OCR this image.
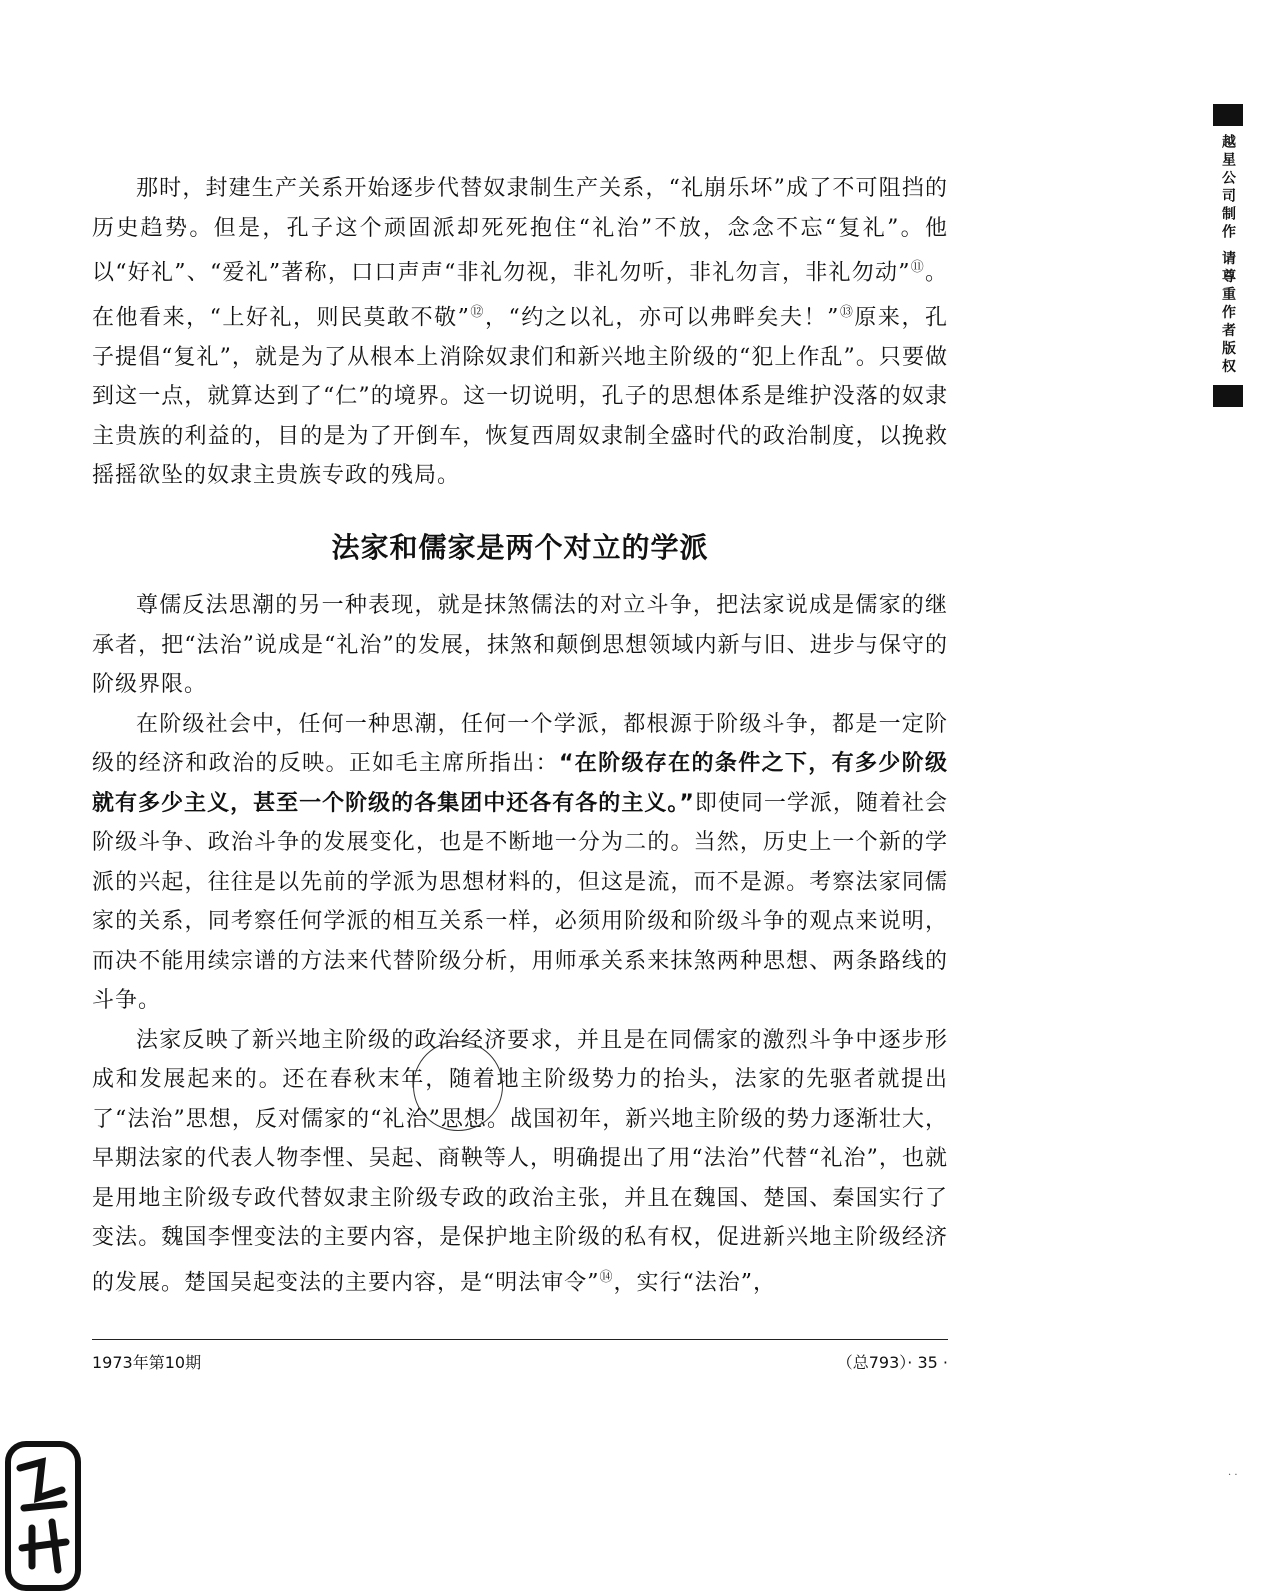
越星公司制作 请尊重作者版权

那时，封建生产关系开始逐步代替奴隶制生产关系，“礼崩乐坏”成了不可阻挡的历史趋势。但是，孔子这个顽固派却死死抱住“礼治”不放，念念不忘“复礼”。他以“好礼”、“爱礼”著称，口口声声“非礼勿视，非礼勿听，非礼勿言，非礼勿动”⑪。在他看来，“上好礼，则民莫敢不敬”⑫，“约之以礼，亦可以弗畔矣夫！”⑬原来，孔子提倡“复礼”，就是为了从根本上消除奴隶们和新兴地主阶级的“犯上作乱”。只要做到这一点，就算达到了“仁”的境界。这一切说明，孔子的思想体系是维护没落的奴隶主贵族的利益的，目的是为了开倒车，恢复西周奴隶制全盛时代的政治制度，以挽救摇摇欲坠的奴隶主贵族专政的残局。

法家和儒家是两个对立的学派

尊儒反法思潮的另一种表现，就是抹煞儒法的对立斗争，把法家说成是儒家的继承者，把“法治”说成是“礼治”的发展，抹煞和颠倒思想领域内新与旧、进步与保守的阶级界限。

在阶级社会中，任何一种思潮，任何一个学派，都根源于阶级斗争，都是一定阶级的经济和政治的反映。正如毛主席所指出：“在阶级存在的条件之下，有多少阶级就有多少主义，甚至一个阶级的各集团中还各有各的主义。”即使同一学派，随着社会阶级斗争、政治斗争的发展变化，也是不断地一分为二的。当然，历史上一个新的学派的兴起，往往是以先前的学派为思想材料的，但这是流，而不是源。考察法家同儒家的关系，同考察任何学派的相互关系一样，必须用阶级和阶级斗争的观点来说明，而决不能用续宗谱的方法来代替阶级分析，用师承关系来抹煞两种思想、两条路线的斗争。

法家反映了新兴地主阶级的政治经济要求，并且是在同儒家的激烈斗争中逐步形成和发展起来的。还在春秋末年，随着地主阶级势力的抬头，法家的先驱者就提出了“法治”思想，反对儒家的“礼治”思想。战国初年，新兴地主阶级的势力逐渐壮大，早期法家的代表人物李悝、吴起、商鞅等人，明确提出了用“法治”代替“礼治”，也就是用地主阶级专政代替奴隶主阶级专政的政治主张，并且在魏国、楚国、秦国实行了变法。魏国李悝变法的主要内容，是保护地主阶级的私有权，促进新兴地主阶级经济的发展。楚国吴起变法的主要内容，是“明法审令”⑭，实行“法治”，

1973年第10期	（总793）· 35 ·
· ·
